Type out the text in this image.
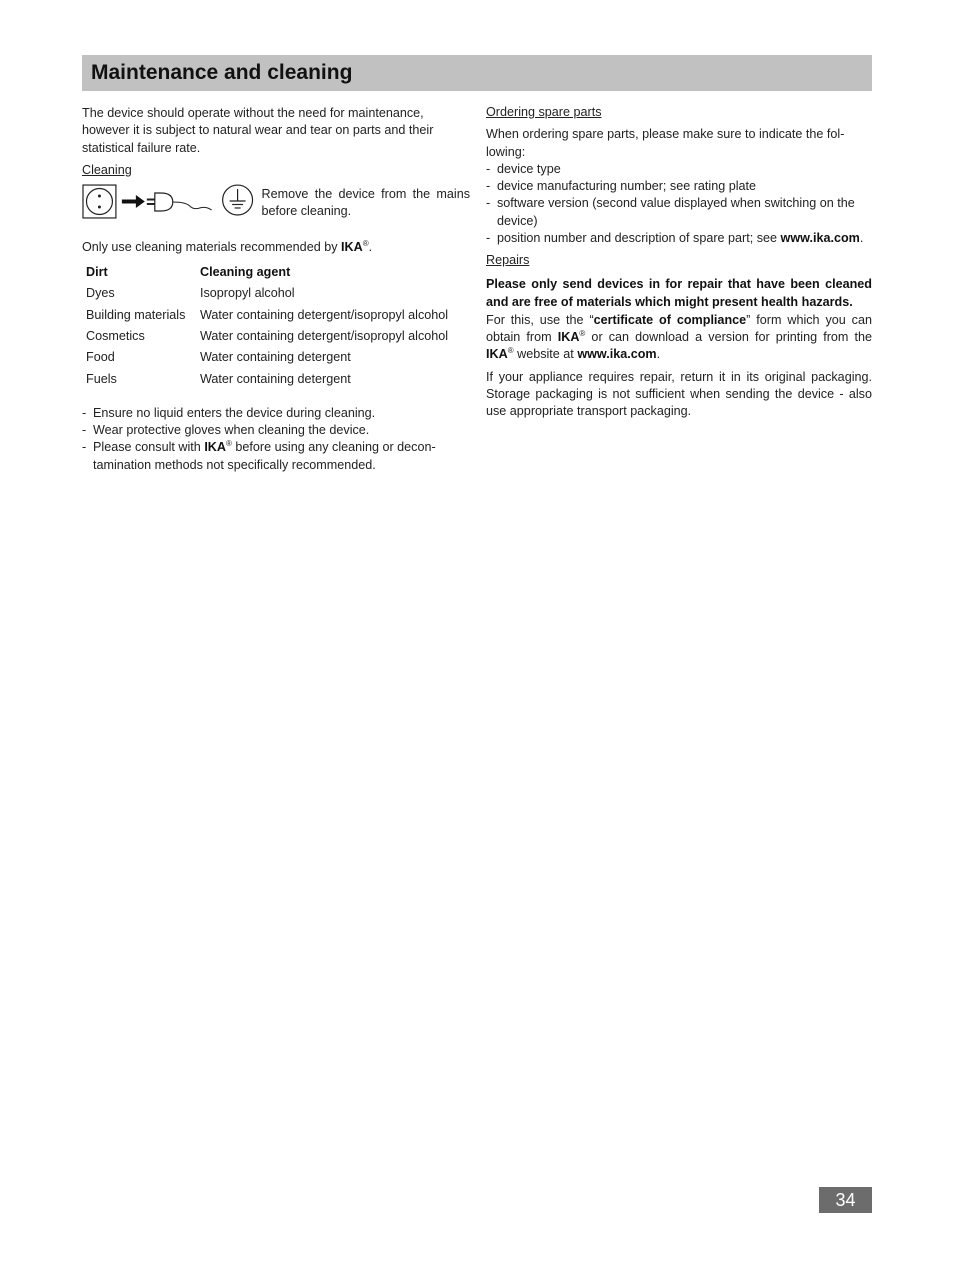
Maintenance and cleaning

The device should operate without the need for maintenance, however it is subject to natural wear and tear on parts and their statistical failure rate.

Cleaning

Remove the device from the mains before cleaning.

Only use cleaning materials recommended by IKA®.

Dirt	Cleaning agent
Dyes	Isopropyl alcohol
Building materials	Water containing detergent/isopropyl alcohol
Cosmetics	Water containing detergent/isopropyl alcohol
Food	Water containing detergent
Fuels	Water containing detergent
- Ensure no liquid enters the device during cleaning.
- Wear protective gloves when cleaning the device.
- Please consult with IKA® before using any cleaning or decon-tamination methods not specifically recommended.

Ordering spare parts

When ordering spare parts, please make sure to indicate the fol-lowing:

- device type
- device manufacturing number; see rating plate
- software version (second value displayed when switching on the device)
- position number and description of spare part; see www.ika.com.

Repairs

Please only send devices in for repair that have been cleaned and are free of materials which might present health hazards.

For this, use the “certificate of compliance” form which you can obtain from IKA® or can download a version for printing from the IKA® website at www.ika.com.

If your appliance requires repair, return it in its original packaging. Storage packaging is not sufficient when sending the device - also use appropriate transport packaging.

34
